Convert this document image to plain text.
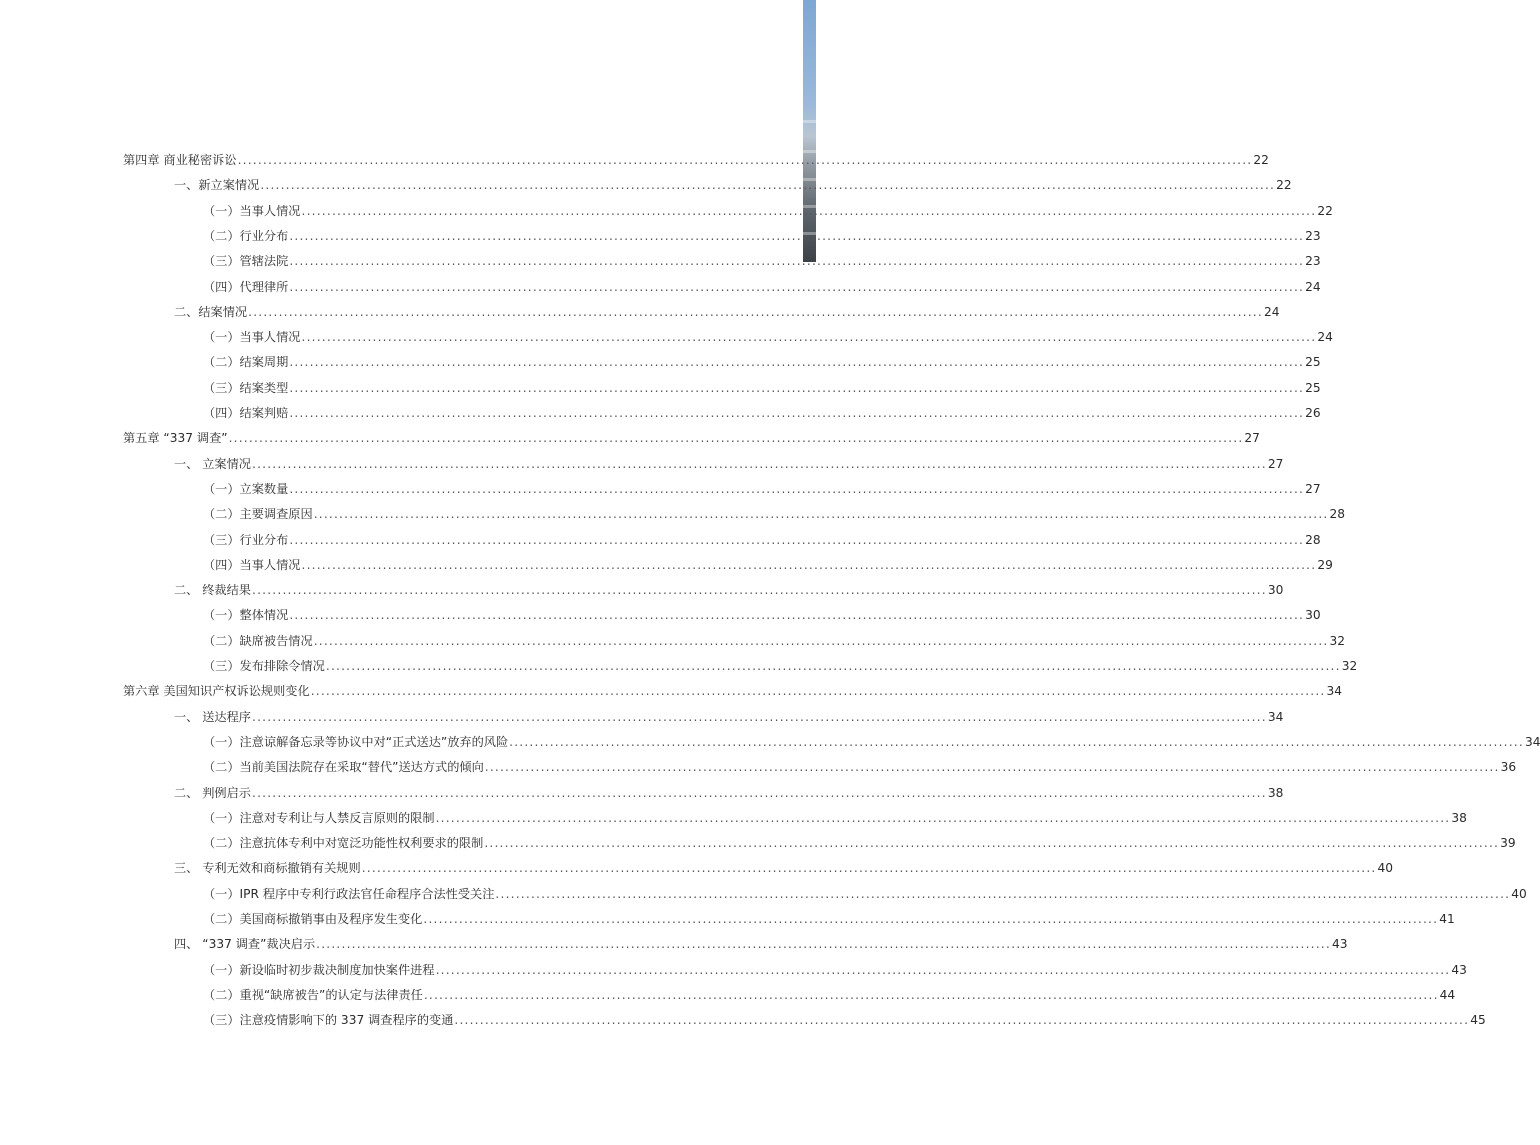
第四章 商业秘密诉讼 ........................................................................................................................................................................................................ 22
一、新立案情况 ........................................................................................................................................................................................................ 22
（一）当事人情况 ........................................................................................................................................................................................................ 22
（二）行业分布 ........................................................................................................................................................................................................ 23
（三）管辖法院 ........................................................................................................................................................................................................ 23
（四）代理律所 ........................................................................................................................................................................................................ 24
二、结案情况 ........................................................................................................................................................................................................ 24
（一）当事人情况 ........................................................................................................................................................................................................ 24
（二）结案周期 ........................................................................................................................................................................................................ 25
（三）结案类型 ........................................................................................................................................................................................................ 25
（四）结案判赔 ........................................................................................................................................................................................................ 26
第五章 “337 调查” ........................................................................................................................................................................................................ 27
一、 立案情况 ........................................................................................................................................................................................................ 27
（一）立案数量 ........................................................................................................................................................................................................ 27
（二）主要调查原因 ........................................................................................................................................................................................................ 28
（三）行业分布 ........................................................................................................................................................................................................ 28
（四）当事人情况 ........................................................................................................................................................................................................ 29
二、 终裁结果 ........................................................................................................................................................................................................ 30
（一）整体情况 ........................................................................................................................................................................................................ 30
（二）缺席被告情况 ........................................................................................................................................................................................................ 32
（三）发布排除令情况 ........................................................................................................................................................................................................ 32
第六章 美国知识产权诉讼规则变化 ........................................................................................................................................................................................................ 34
一、 送达程序 ........................................................................................................................................................................................................ 34
（一）注意谅解备忘录等协议中对“正式送达”放弃的风险 ........................................................................................................................................................................................................ 34
（二）当前美国法院存在采取“替代”送达方式的倾向 ........................................................................................................................................................................................................ 36
二、 判例启示 ........................................................................................................................................................................................................ 38
（一）注意对专利让与人禁反言原则的限制 ........................................................................................................................................................................................................ 38
（二）注意抗体专利中对宽泛功能性权利要求的限制 ........................................................................................................................................................................................................ 39
三、 专利无效和商标撤销有关规则 ........................................................................................................................................................................................................ 40
（一）IPR 程序中专利行政法官任命程序合法性受关注 ........................................................................................................................................................................................................ 40
（二）美国商标撤销事由及程序发生变化 ........................................................................................................................................................................................................ 41
四、 “337 调查”裁决启示 ........................................................................................................................................................................................................ 43
（一）新设临时初步裁决制度加快案件进程 ........................................................................................................................................................................................................ 43
（二）重视“缺席被告”的认定与法律责任 ........................................................................................................................................................................................................ 44
（三）注意疫情影响下的 337 调查程序的变通 ........................................................................................................................................................................................................ 45
